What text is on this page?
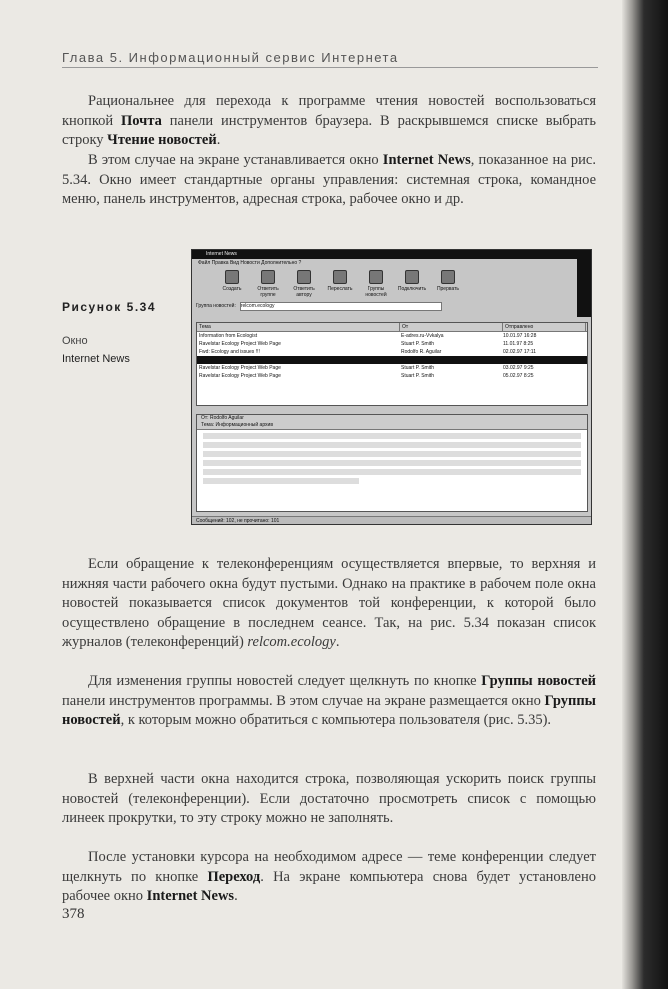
Глава 5. Информационный сервис Интернета

Рациональнее для перехода к программе чтения новостей воспользоваться кнопкой Почта панели инструментов браузера. В раскрывшемся списке выбрать строку Чтение новостей.

В этом случае на экране устанавливается окно Internet News, показанное на рис. 5.34. Окно имеет стандартные органы управления: системная строка, командное меню, панель инструментов, адресная строка, рабочее окно и др.

Рисунок 5.34
Окно
Internet News
Internet News
Файл Правка Вид Новости Дополнительно ?
Создать	Ответить группе
Ответить автору
Переслать	Группы новостей
Подключить Прервать
Группа новостей: relcom.ecology
Тема	От	Отправлено
Information from Ecologist	E-adres.ru-Vvkalya	10.01.97 16:28
Ravelstar Ecology Project Web Page	Stuart P. Smith	11.01.97 8:25
Fwd: Ecology and issues !!!	Rodolfo R. Aguilar	02.02.97 17:11
Ravelstar Ecology Project Web Page	Stuart P. Smith	03.02.97 9:25
Ravelstar Ecology Project Web Page	Stuart P. Smith	05.02.97 8:25
От: Rodolfo Aguilar
Тема: Информационный архив
Сообщений: 102, не прочитано: 101

Если обращение к телеконференциям осуществляется впервые, то верхняя и нижняя части рабочего окна будут пустыми. Однако на практике в рабочем поле окна новостей показывается список документов той конференции, к которой было осуществлено обращение в последнем сеансе. Так, на рис. 5.34 показан список журналов (телеконференций) relcom.ecology.

Для изменения группы новостей следует щелкнуть по кнопке Группы новостей панели инструментов программы. В этом случае на экране размещается окно Группы новостей, к которым можно обратиться с компьютера пользователя (рис. 5.35).

В верхней части окна находится строка, позволяющая ускорить поиск группы новостей (телеконференции). Если достаточно просмотреть список с помощью линеек прокрутки, то эту строку можно не заполнять.

После установки курсора на необходимом адресе — теме конференции следует щелкнуть по кнопке Переход. На экране компьютера снова будет установлено рабочее окно Internet News.

378
